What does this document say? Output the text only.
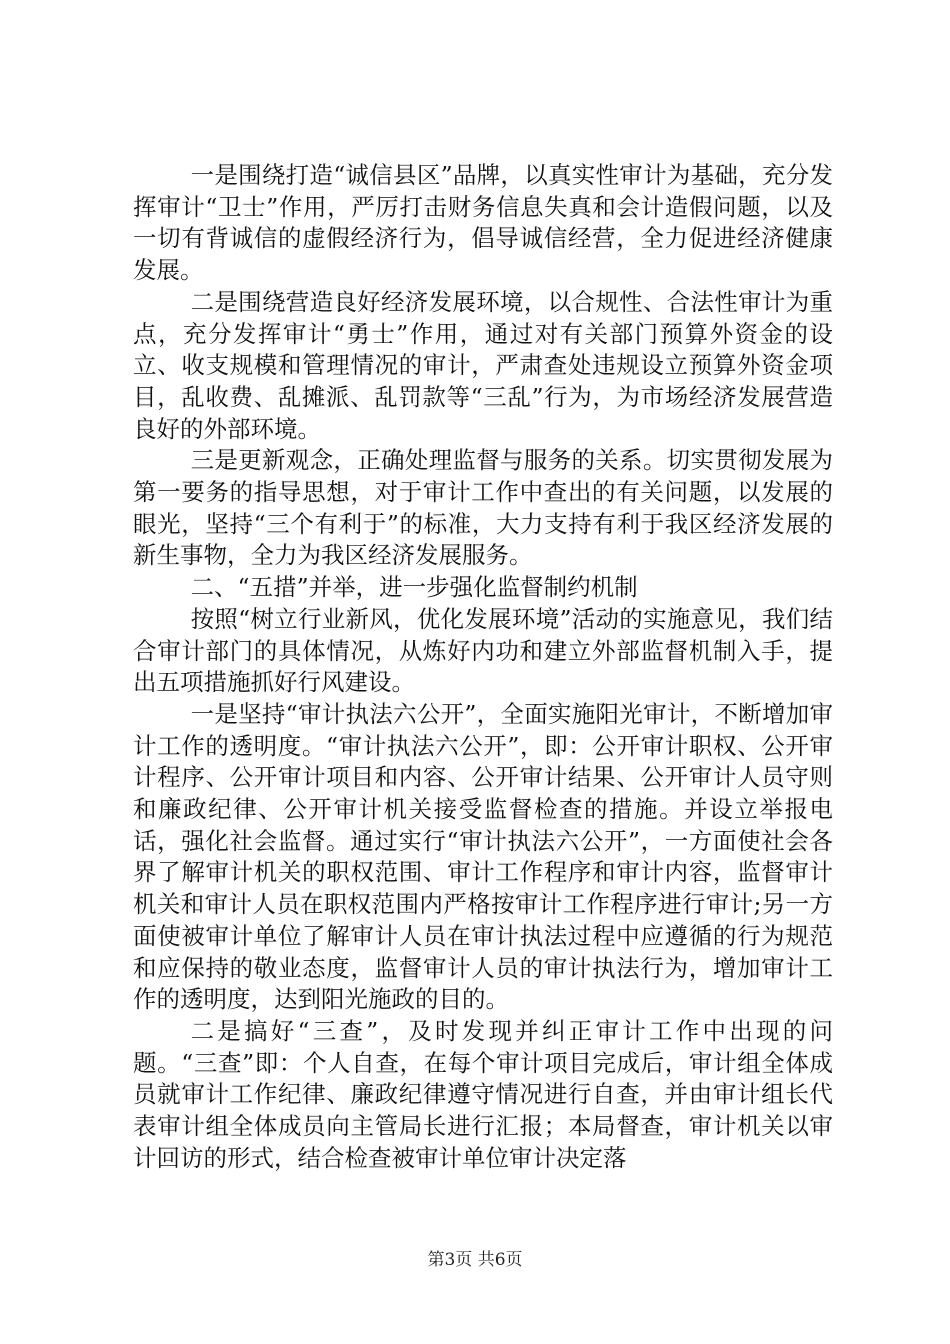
一是围绕打造“诚信县区”品牌，以真实性审计为基础，充分发挥审计“卫士”作用，严厉打击财务信息失真和会计造假问题，以及一切有背诚信的虚假经济行为，倡导诚信经营，全力促进经济健康发展。

二是围绕营造良好经济发展环境，以合规性、合法性审计为重点，充分发挥审计“勇士”作用，通过对有关部门预算外资金的设立、收支规模和管理情况的审计，严肃查处违规设立预算外资金项目，乱收费、乱摊派、乱罚款等“三乱”行为，为市场经济发展营造良好的外部环境。

三是更新观念，正确处理监督与服务的关系。切实贯彻发展为第一要务的指导思想，对于审计工作中查出的有关问题，以发展的眼光，坚持“三个有利于”的标准，大力支持有利于我区经济发展的新生事物，全力为我区经济发展服务。

二、“五措”并举，进一步强化监督制约机制

按照“树立行业新风，优化发展环境”活动的实施意见，我们结合审计部门的具体情况，从炼好内功和建立外部监督机制入手，提出五项措施抓好行风建设。

一是坚持“审计执法六公开”，全面实施阳光审计，不断增加审计工作的透明度。“审计执法六公开”，即：公开审计职权、公开审计程序、公开审计项目和内容、公开审计结果、公开审计人员守则和廉政纪律、公开审计机关接受监督检查的措施。并设立举报电话，强化社会监督。通过实行“审计执法六公开”，一方面使社会各界了解审计机关的职权范围、审计工作程序和审计内容，监督审计机关和审计人员在职权范围内严格按审计工作程序进行审计;另一方面使被审计单位了解审计人员在审计执法过程中应遵循的行为规范和应保持的敬业态度，监督审计人员的审计执法行为，增加审计工作的透明度，达到阳光施政的目的。

二是搞好“三查”，及时发现并纠正审计工作中出现的问题。“三查”即：个人自查，在每个审计项目完成后，审计组全体成员就审计工作纪律、廉政纪律遵守情况进行自查，并由审计组长代表审计组全体成员向主管局长进行汇报；本局督查，审计机关以审计回访的形式，结合检查被审计单位审计决定落

第3页 共6页
